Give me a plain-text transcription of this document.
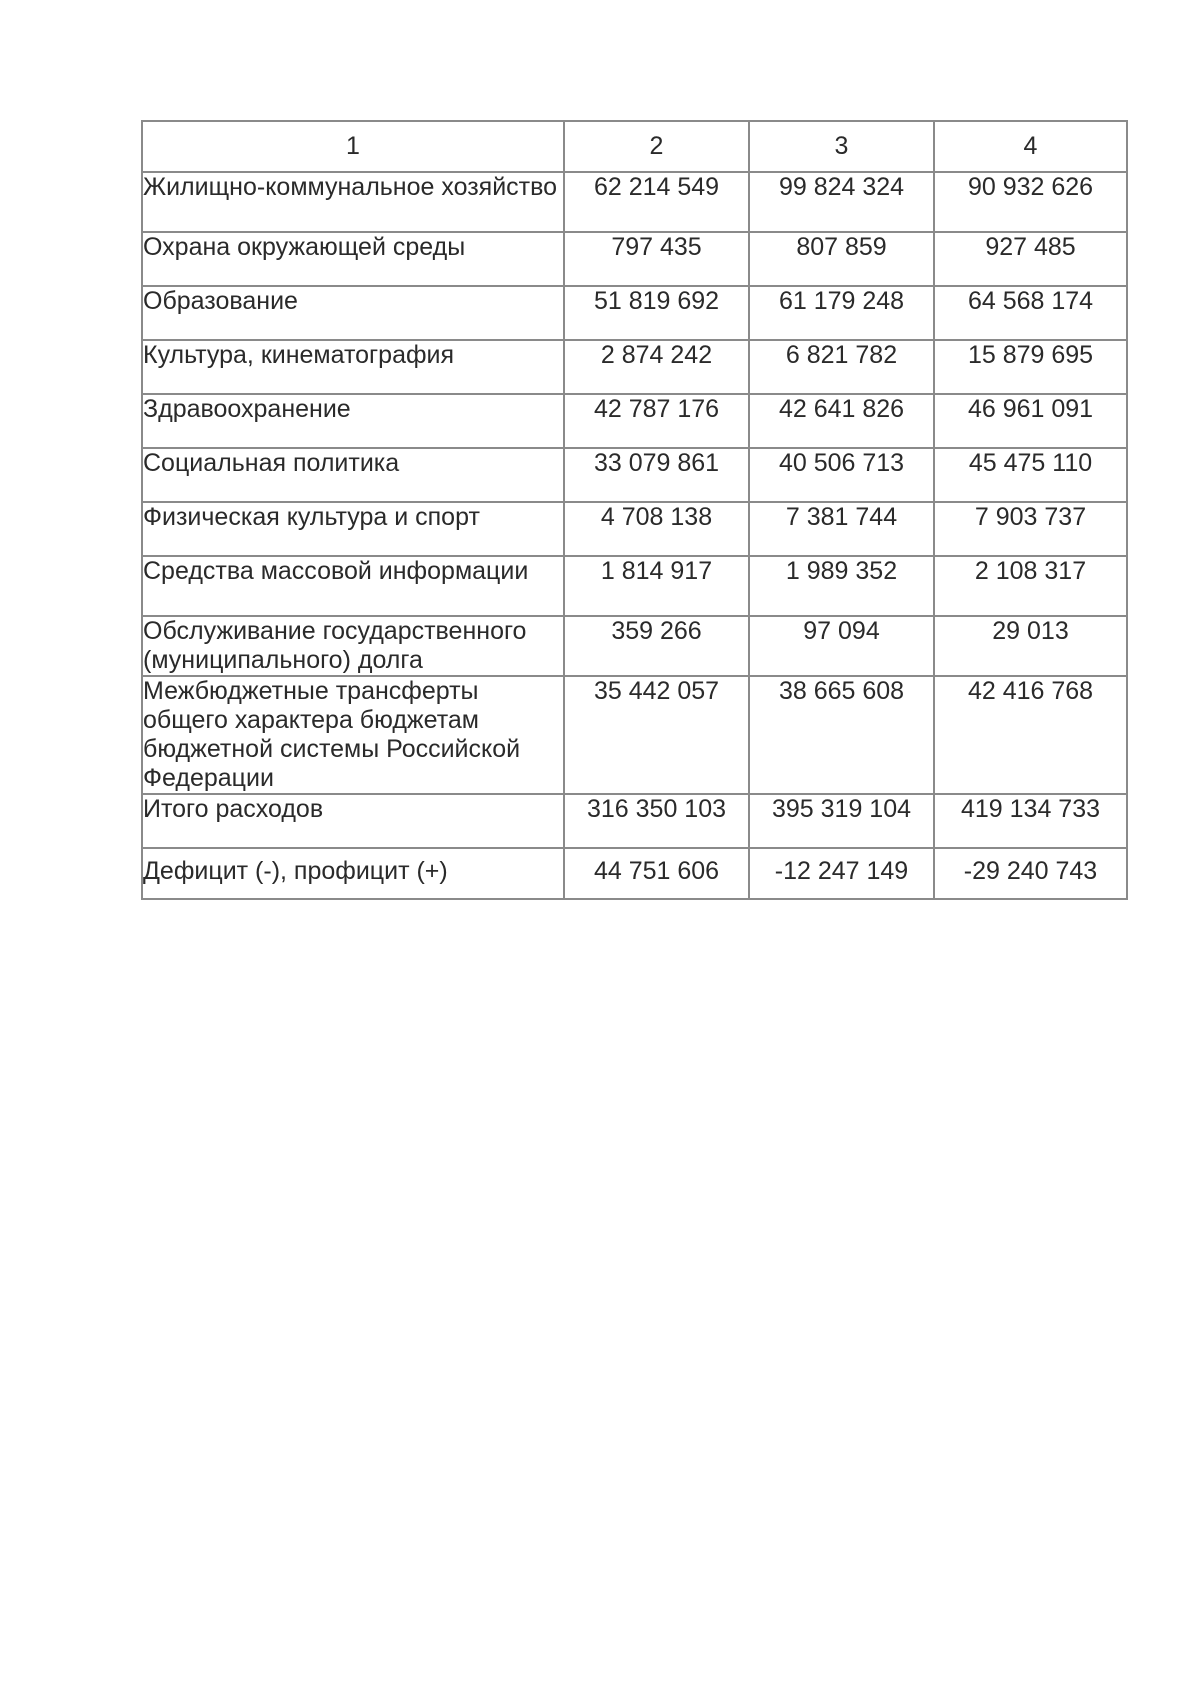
1	2	3	4
Жилищно-коммунальное хозяйство	62 214 549	99 824 324	90 932 626
Охрана окружающей среды	797 435	807 859	927 485
Образование	51 819 692	61 179 248	64 568 174
Культура, кинематография	2 874 242	6 821 782	15 879 695
Здравоохранение	42 787 176	42 641 826	46 961 091
Социальная политика	33 079 861	40 506 713	45 475 110
Физическая культура и спорт	4 708 138	7 381 744	7 903 737
Средства массовой информации	1 814 917	1 989 352	2 108 317
Обслуживание государственного (муниципального) долга	359 266	97 094	29 013
Межбюджетные трансферты общего характера бюджетам бюджетной системы Российской Федерации	35 442 057	38 665 608	42 416 768
Итого расходов	316 350 103	395 319 104	419 134 733
Дефицит (-), профицит (+)	44 751 606	-12 247 149	-29 240 743
